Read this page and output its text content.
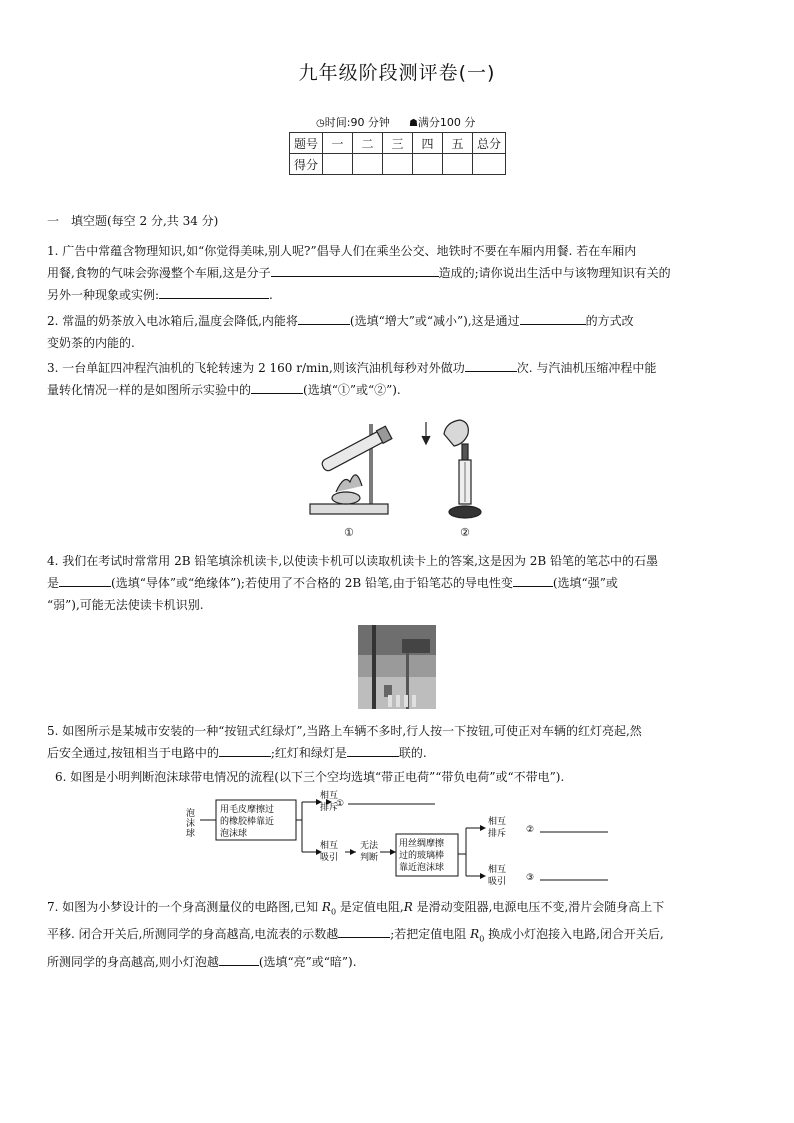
九年级阶段测评卷(一)
◷时间:90 分钟 ☗满分100 分
题号	一	二	三	四	五	总分
得分						
一　填空题(每空 2 分,共 34 分)
1. 广告中常蕴含物理知识,如“你觉得美味,别人呢?”倡导人们在乘坐公交、地铁时不要在车厢内用餐. 若在车厢内
用餐,食物的气味会弥漫整个车厢,这是分子	造成的;请你说出生活中与该物理知识有关的
另外一种现象或实例:	.
2. 常温的奶茶放入电冰箱后,温度会降低,内能将	(选填“增大”或“减小”),这是通过	的方式改
变奶茶的内能的.
3. 一台单缸四冲程汽油机的飞轮转速为 2 160 r/min,则该汽油机每秒对外做功	次. 与汽油机压缩冲程中能
量转化情况一样的是如图所示实验中的	(选填“①”或“②”).
①	②
4. 我们在考试时常常用 2B 铅笔填涂机读卡,以使读卡机可以读取机读卡上的答案,这是因为 2B 铅笔的笔芯中的石墨
是	(选填“导体”或“绝缘体”);若使用了不合格的 2B 铅笔,由于铅笔芯的导电性变	(选填“强”或
“弱”),可能无法使读卡机识别.
5. 如图所示是某城市安装的一种“按钮式红绿灯”,当路上车辆不多时,行人按一下按钮,可使正对车辆的红灯亮起,然
后安全通过,按钮相当于电路中的	;红灯和绿灯是	联的.
6. 如图是小明判断泡沫球带电情况的流程(以下三个空均选填“带正电荷”“带负电荷”或“不带电”).
泡
沫
球
用毛皮摩擦过
的橡胶棒靠近
泡沫球
相互
排斥
①
相互
吸引
无法
判断
用丝绸摩擦
过的玻璃棒
靠近泡沫球
相互
排斥 ②
相互
吸引 ③
7. 如图为小梦设计的一个身高测量仪的电路图,已知 $R_0$ 是定值电阻,R 是滑动变阻器,电源电压不变,滑片会随身高上下
平移. 闭合开关后,所测同学的身高越高,电流表的示数越	;若把定值电阻 $R_0$ 换成小灯泡接入电路,闭合开关后,
所测同学的身高越高,则小灯泡越	(选填“亮”或“暗”).
